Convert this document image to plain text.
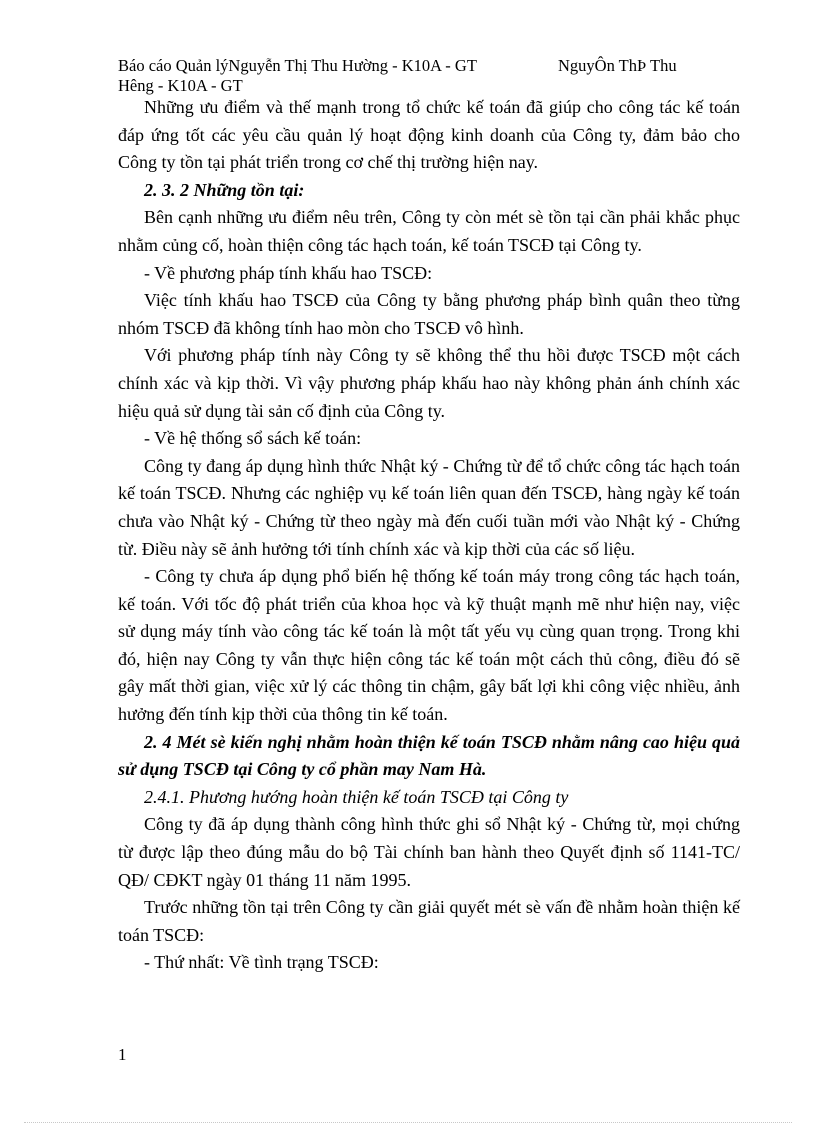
Báo cáo Quản lýNguyễn Thị Thu Hường - K10A - GT	NguyÔn ThÞ Thu
Hêng - K10A - GT

Những ưu điểm và thế mạnh trong tổ chức kế toán đã giúp cho công tác kế toán đáp ứng tốt các yêu cầu quản lý hoạt động kinh doanh của Công ty, đảm bảo cho Công ty tồn tại phát triển trong cơ chế thị trường hiện nay.

2. 3. 2 Những tồn tại:

Bên cạnh những ưu điểm nêu trên, Công ty còn mét sè tồn tại cần phải khắc phục nhằm củng cố, hoàn thiện công tác hạch toán, kế toán TSCĐ tại Công ty.

- Về phương pháp tính khấu hao TSCĐ:

Việc tính khấu hao TSCĐ của Công ty bằng phương pháp bình quân theo từng nhóm TSCĐ đã không tính hao mòn cho TSCĐ vô hình.

Với phương pháp tính này Công ty sẽ không thể thu hồi được TSCĐ một cách chính xác và kịp thời. Vì vậy phương pháp khấu hao này không phản ánh chính xác hiệu quả sử dụng tài sản cố định của Công ty.

- Về hệ thống sổ sách kế toán:

Công ty đang áp dụng hình thức Nhật ký - Chứng từ để tổ chức công tác hạch toán kế toán TSCĐ. Nhưng các nghiệp vụ kế toán liên quan đến TSCĐ, hàng ngày kế toán chưa vào Nhật ký - Chứng từ theo ngày mà đến cuối tuần mới vào Nhật ký - Chứng từ. Điều này sẽ ảnh hưởng tới tính chính xác và kịp thời của các số liệu.

- Công ty chưa áp dụng phổ biến hệ thống kế toán máy trong công tác hạch toán, kế toán. Với tốc độ phát triển của khoa học và kỹ thuật mạnh mẽ như hiện nay, việc sử dụng máy tính vào công tác kế toán là một tất yếu vụ cùng quan trọng. Trong khi đó, hiện nay Công ty vẫn thực hiện công tác kế toán một cách thủ công, điều đó sẽ gây mất thời gian, việc xử lý các thông tin chậm, gây bất lợi khi công việc nhiều, ảnh hưởng đến tính kịp thời của thông tin kế toán.

2. 4 Mét sè kiến nghị nhằm hoàn thiện kế toán TSCĐ nhằm nâng cao hiệu quả sử dụng TSCĐ tại Công ty cổ phần may Nam Hà.

2.4.1. Phương hướng hoàn thiện kế toán TSCĐ tại Công ty

Công ty đã áp dụng thành công hình thức ghi sổ Nhật ký - Chứng từ, mọi chứng từ được lập theo đúng mẫu do bộ Tài chính ban hành theo Quyết định số 1141-TC/ QĐ/ CĐKT ngày 01 tháng 11 năm 1995.

Trước những tồn tại trên Công ty cần giải quyết mét sè vấn đề nhằm hoàn thiện kế toán TSCĐ:

- Thứ nhất: Về tình trạng TSCĐ:

1
